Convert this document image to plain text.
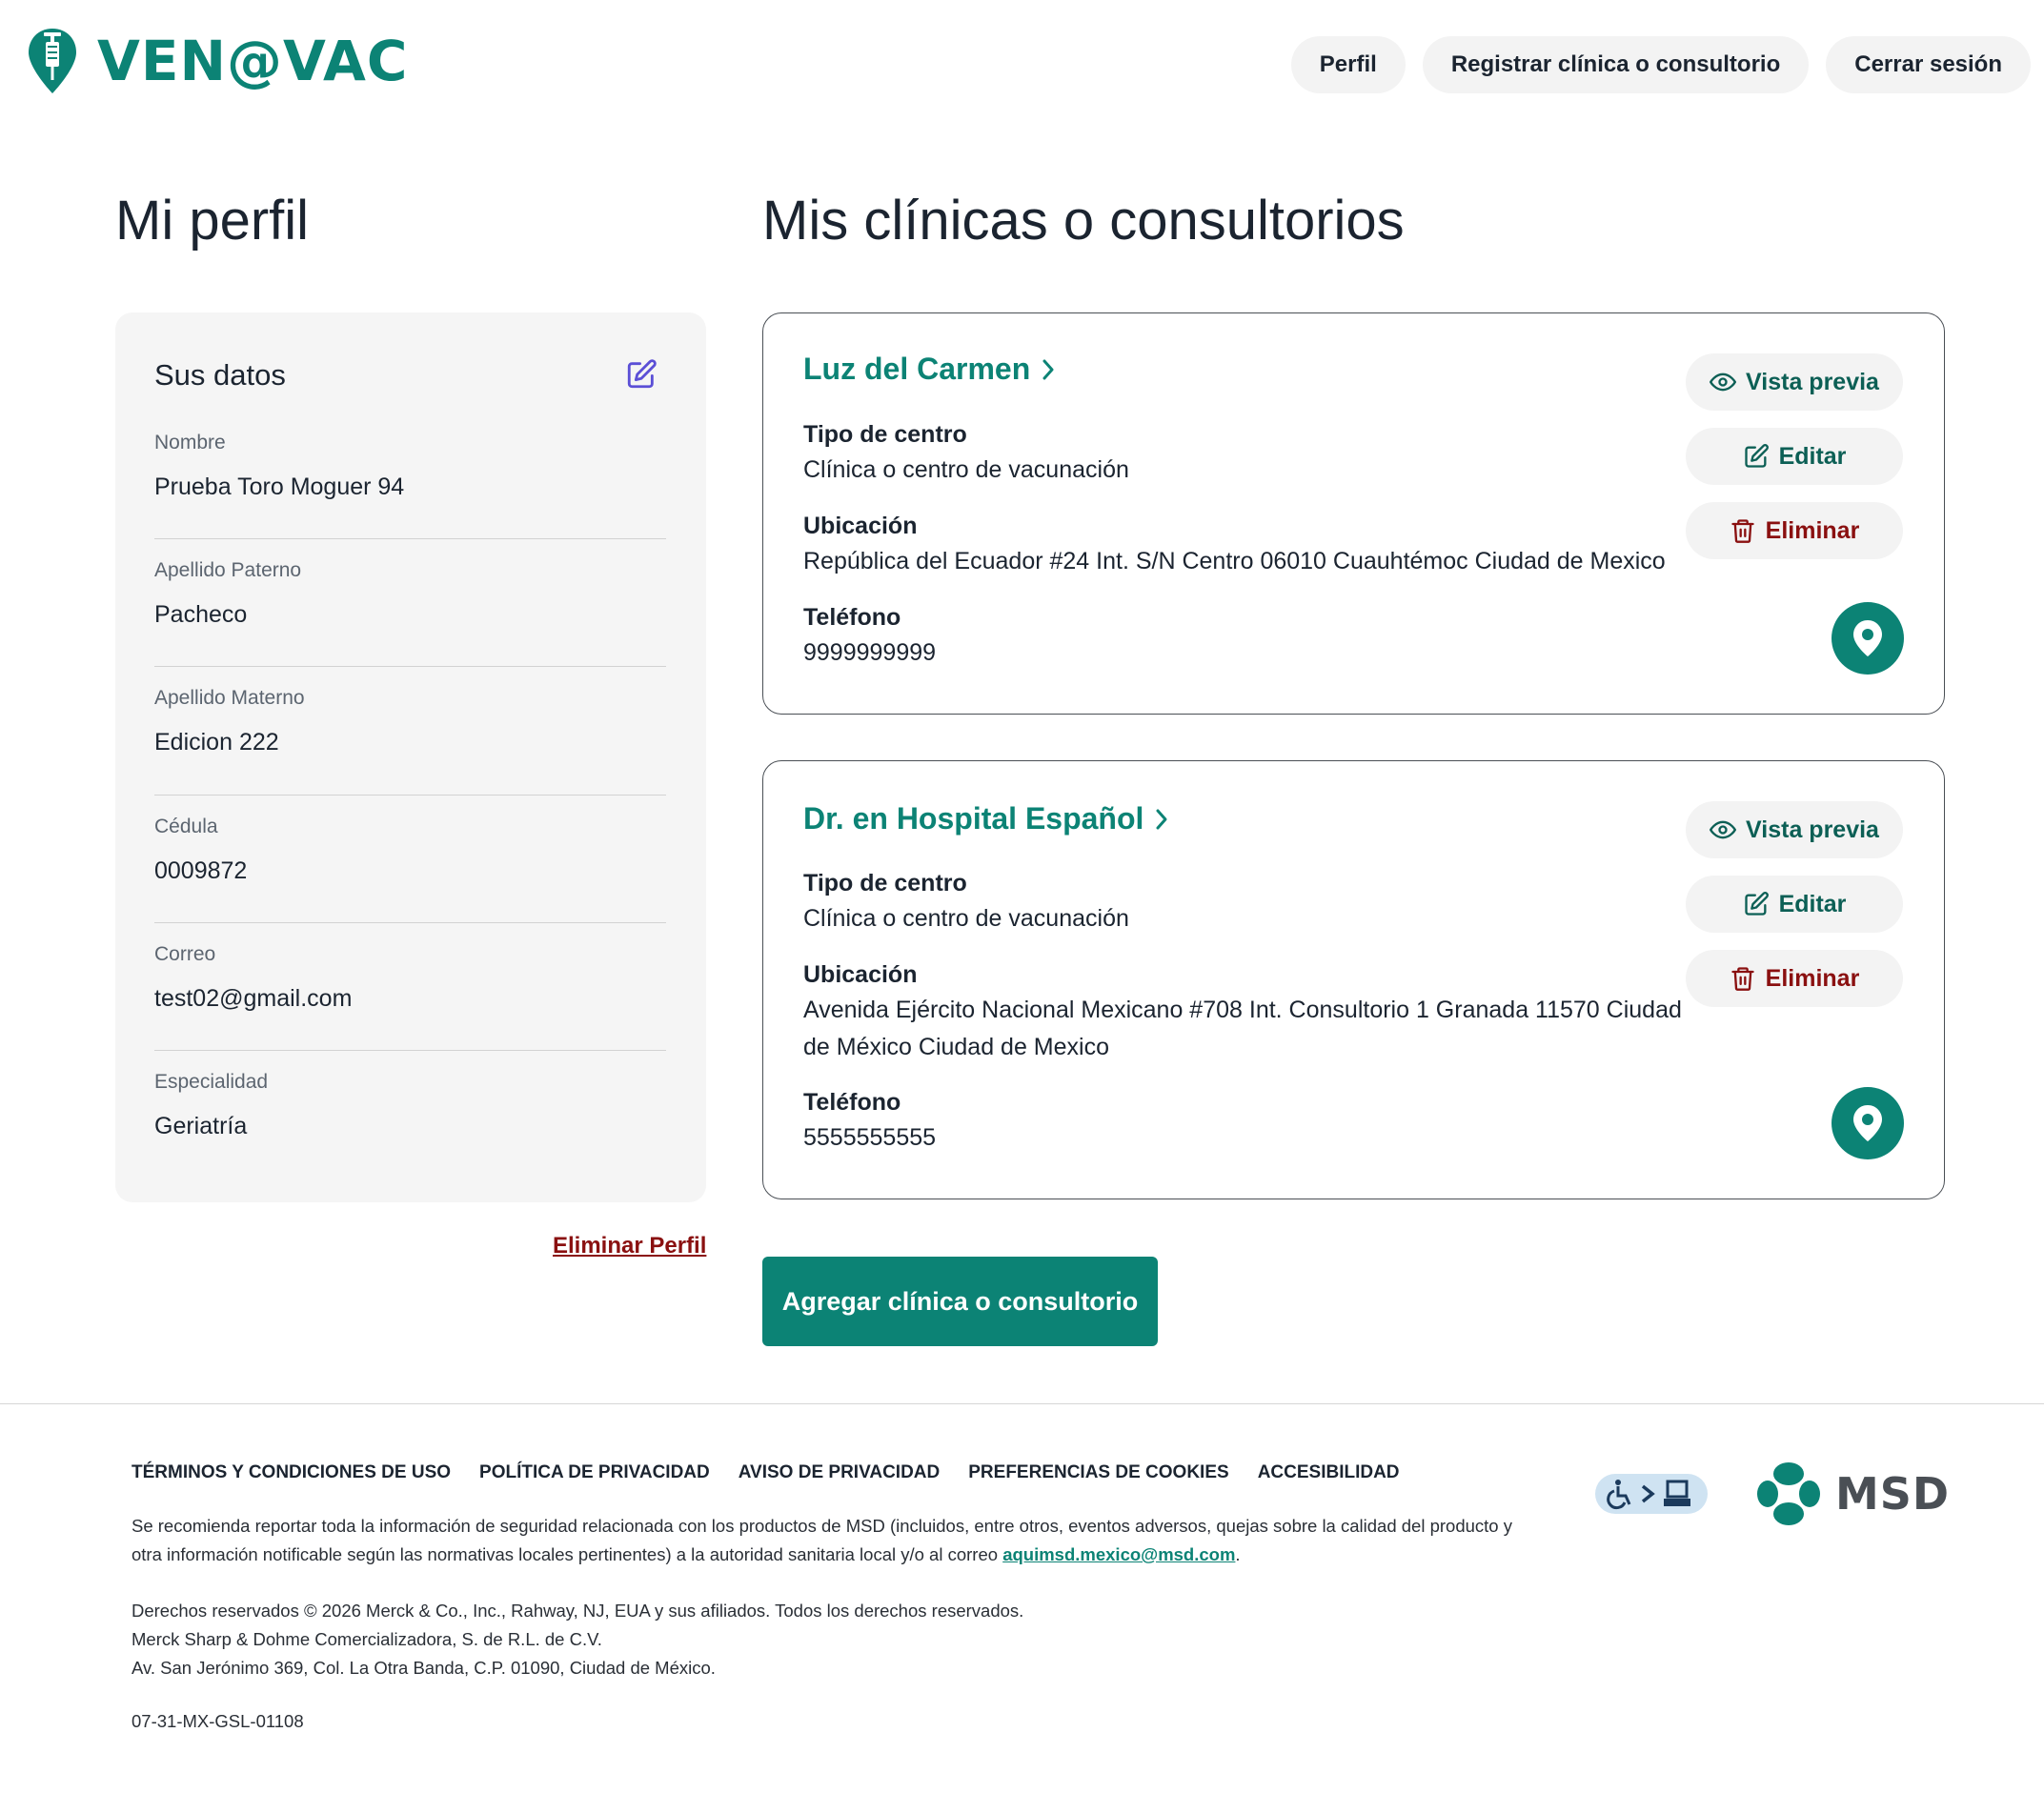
VEN@VAC	Perfil	Registrar clínica o consultorio	Cerrar sesión
Mi perfil
Sus datos
Nombre
Prueba Toro Moguer 94
Apellido Paterno
Pacheco
Apellido Materno
Edicion 222
Cédula
0009872
Correo
test02@gmail.com
Especialidad
Geriatría
Eliminar Perfil
Mis clínicas o consultorios
Luz del Carmen
Tipo de centro
Clínica o centro de vacunación
Ubicación
República del Ecuador #24 Int. S/N Centro 06010 Cuauhtémoc Ciudad de Mexico
Teléfono
9999999999
Vista previa
Editar
Eliminar
Dr. en Hospital Español
Tipo de centro
Clínica o centro de vacunación
Ubicación
Avenida Ejército Nacional Mexicano #708 Int. Consultorio 1 Granada 11570 Ciudad
de México Ciudad de Mexico
Teléfono
5555555555
Vista previa
Editar
Eliminar
Agregar clínica o consultorio
TÉRMINOS Y CONDICIONES DE USO POLÍTICA DE PRIVACIDAD AVISO DE PRIVACIDAD PREFERENCIAS DE COOKIES ACCESIBILIDAD
Se recomienda reportar toda la información de seguridad relacionada con los productos de MSD (incluidos, entre otros, eventos adversos, quejas sobre la calidad del producto y
otra información notificable según las normativas locales pertinentes) a la autoridad sanitaria local y/o al correo aquimsd.mexico@msd.com.
Derechos reservados © 2026 Merck & Co., Inc., Rahway, NJ, EUA y sus afiliados. Todos los derechos reservados.
Merck Sharp & Dohme Comercializadora, S. de R.L. de C.V.
Av. San Jerónimo 369, Col. La Otra Banda, C.P. 01090, Ciudad de México.
07-31-MX-GSL-01108
MSD
